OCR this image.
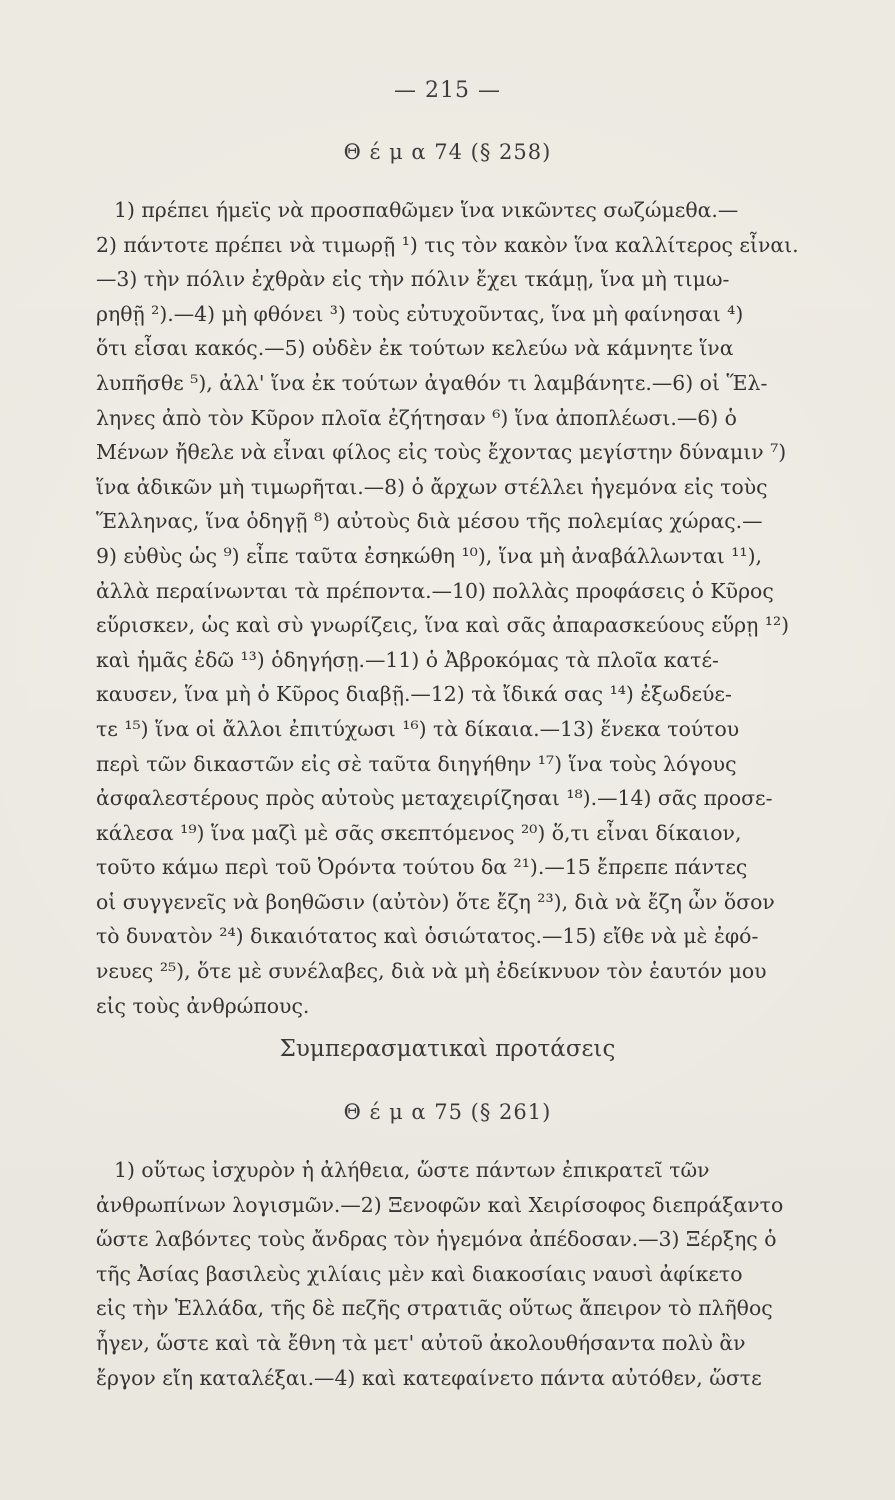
— 215 —
Θ έ μ α 74 (§ 258)
1) πρέπει ήμεϊς νὰ προσπαθῶμεν ἵνα νικῶντες σωζώμεθα.—
2) πάντοτε πρέπει νὰ τιμωρῇ ¹) τις τὸν κακὸν ἵνα καλλίτερος εἶναι.
—3) τὴν πόλιν ἐχθρὰν εἰς τὴν πόλιν ἔχει τκάμῃ, ἵνα μὴ τιμω-
ρηθῇ ²).—4) μὴ φθόνει ³) τοὺς εὐτυχοῦντας, ἵνα μὴ φαίνησαι ⁴)
ὅτι εἶσαι κακός.—5) οὐδὲν ἐκ τούτων κελεύω νὰ κάμνητε ἵνα
λυπῆσθε ⁵), ἀλλ' ἵνα ἐκ τούτων ἀγαθόν τι λαμβάνητε.—6) οἱ Ἕλ-
ληνες ἀπὸ τὸν Κῦρον πλοῖα ἐζήτησαν ⁶) ἵνα ἀποπλέωσι.—6) ὁ
Μένων ἤθελε νὰ εἶναι φίλος εἰς τοὺς ἔχοντας μεγίστην δύναμιν ⁷)
ἵνα ἀδικῶν μὴ τιμωρῆται.—8) ὁ ἄρχων στέλλει ἡγεμόνα εἰς τοὺς
Ἕλληνας, ἵνα ὁδηγῇ ⁸) αὐτοὺς διὰ μέσου τῆς πολεμίας χώρας.—
9) εὐθὺς ὡς ⁹) εἶπε ταῦτα ἐσηκώθη ¹⁰), ἵνα μὴ ἀναβάλλωνται ¹¹),
ἀλλὰ περαίνωνται τὰ πρέποντα.—10) πολλὰς προφάσεις ὁ Κῦρος
εὕρισκεν, ὡς καὶ σὺ γνωρίζεις, ἵνα καὶ σᾶς ἀπαρασκεύους εὕρῃ ¹²)
καὶ ἡμᾶς ἐδῶ ¹³) ὁδηγήσῃ.—11) ὁ Ἀβροκόμας τὰ πλοῖα κατέ-
καυσεν, ἵνα μὴ ὁ Κῦρος διαβῇ.—12) τὰ ἴδικά σας ¹⁴) ἐξωδεύε-
τε ¹⁵) ἵνα οἱ ἄλλοι ἐπιτύχωσι ¹⁶) τὰ δίκαια.—13) ἕνεκα τούτου
περὶ τῶν δικαστῶν εἰς σὲ ταῦτα διηγήθην ¹⁷) ἵνα τοὺς λόγους
ἀσφαλεστέρους πρὸς αὐτοὺς μεταχειρίζησαι ¹⁸).—14) σᾶς προσε-
κάλεσα ¹⁹) ἵνα μαζὶ μὲ σᾶς σκεπτόμενος ²⁰) ὅ,τι εἶναι δίκαιον,
τοῦτο κάμω περὶ τοῦ Ὀρόντα τούτου δα ²¹).—15 ἔπρεπε πάντες
οἱ συγγενεῖς νὰ βοηθῶσιν (αὐτὸν) ὅτε ἔζη ²³), διὰ νὰ ἔζη ὧν ὅσον
τὸ δυνατὸν ²⁴) δικαιότατος καὶ ὁσιώτατος.—15) εἴθε νὰ μὲ ἐφό-
νευες ²⁵), ὅτε μὲ συνέλαβες, διὰ νὰ μὴ ἐδείκνυον τὸν ἑαυτόν μου
εἰς τοὺς ἀνθρώπους.
Συμπερασματικαὶ προτάσεις
Θ έ μ α 75 (§ 261)
1) οὕτως ἰσχυρὸν ἡ ἀλήθεια, ὥστε πάντων ἐπικρατεῖ τῶν
ἀνθρωπίνων λογισμῶν.—2) Ξενοφῶν καὶ Χειρίσοφος διεπράξαντο
ὥστε λαβόντες τοὺς ἄνδρας τὸν ἡγεμόνα ἀπέδοσαν.—3) Ξέρξης ὁ
τῆς Ἀσίας βασιλεὺς χιλίαις μὲν καὶ διακοσίαις ναυσὶ ἀφίκετο
εἰς τὴν Ἑλλάδα, τῆς δὲ πεζῆς στρατιᾶς οὕτως ἄπειρον τὸ πλῆθος
ἦγεν, ὥστε καὶ τὰ ἔθνη τὰ μετ' αὐτοῦ ἀκολουθήσαντα πολὺ ἂν
ἔργον εἴη καταλέξαι.—4) καὶ κατεφαίνετο πάντα αὐτόθεν, ὥστε
